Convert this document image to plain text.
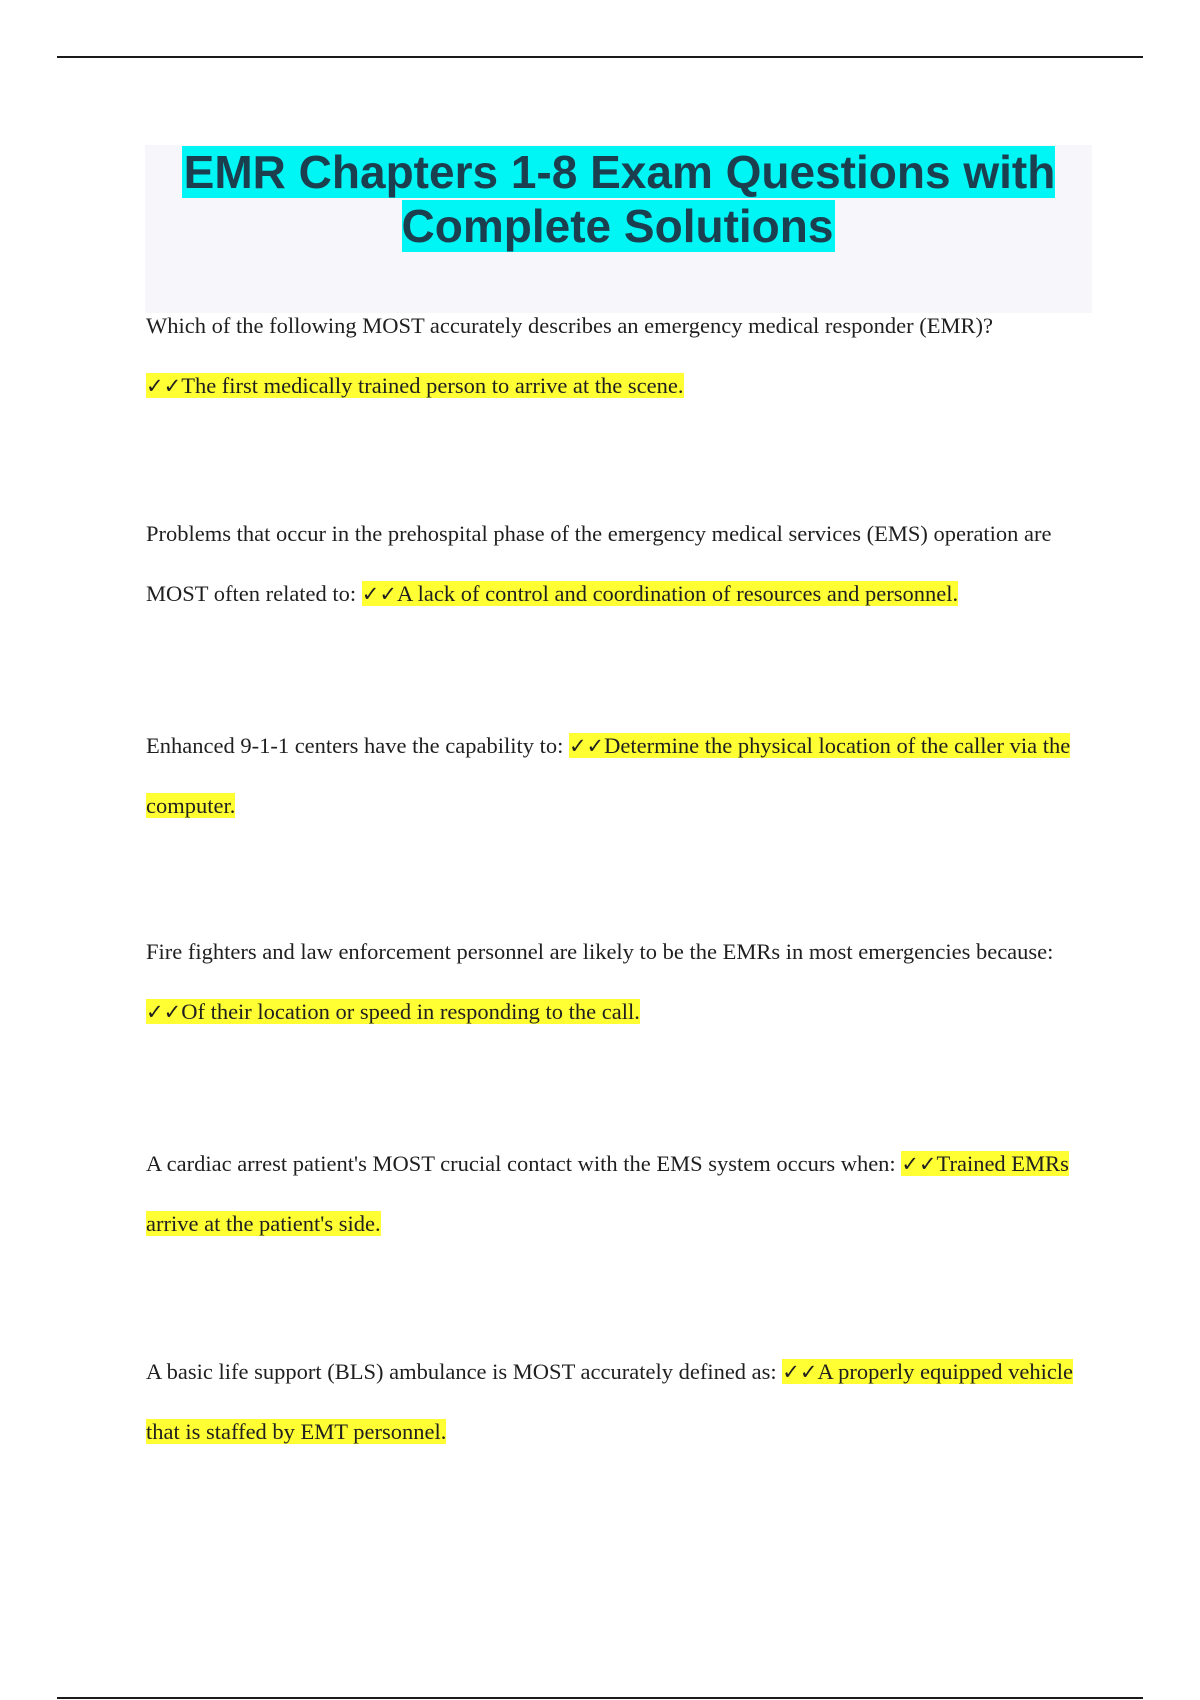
EMR Chapters 1-8 Exam Questions with Complete Solutions
Which of the following MOST accurately describes an emergency medical responder (EMR)?
✓✓The first medically trained person to arrive at the scene.
Problems that occur in the prehospital phase of the emergency medical services (EMS) operation are MOST often related to: ✓✓A lack of control and coordination of resources and personnel.
Enhanced 9-1-1 centers have the capability to: ✓✓Determine the physical location of the caller via the computer.
Fire fighters and law enforcement personnel are likely to be the EMRs in most emergencies because: ✓✓Of their location or speed in responding to the call.
A cardiac arrest patient's MOST crucial contact with the EMS system occurs when: ✓✓Trained EMRs arrive at the patient's side.
A basic life support (BLS) ambulance is MOST accurately defined as: ✓✓A properly equipped vehicle that is staffed by EMT personnel.
